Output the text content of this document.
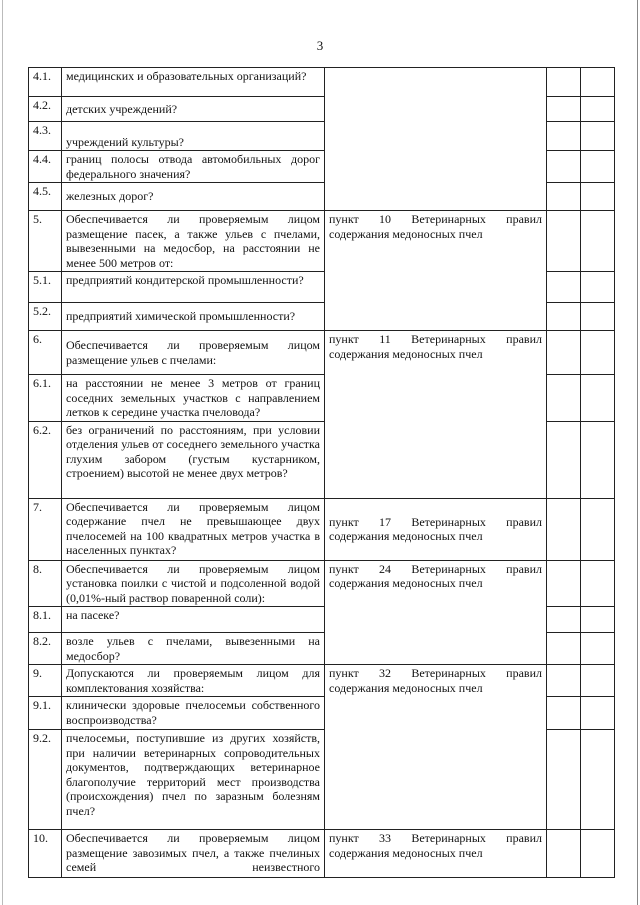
3
4.1.	медицинских и образовательных организаций?			
4.2.	детских учреждений?			
4.3.	учреждений культуры?			
4.4.	границ полосы отвода автомобильных дорог федерального значения?			
4.5.	железных дорог?			
5.	Обеспечивается ли проверяемым лицом размещение пасек, а также ульев с пчелами, вывезенными на медосбор, на расстоянии не менее 500 метров от:	пункт 10 Ветеринарных правил
содержания медоносных пчел		
5.1.	предприятий кондитерской промышленности?			
5.2.	предприятий химической промышленности?			
6.	Обеспечивается ли проверяемым лицом размещение ульев с пчелами:	пункт 11 Ветеринарных правил
содержания медоносных пчел		
6.1.	на расстоянии не менее 3 метров от границ соседних земельных участков с направлением летков к середине участка пчеловода?			
6.2.	без ограничений по расстояниям, при условии отделения ульев от соседнего земельного участка глухим забором (густым кустарником, строением) высотой не менее двух метров?			
7.	Обеспечивается ли проверяемым лицом содержание пчел не превышающее двух пчелосемей на 100 квадратных метров участка в населенных пунктах?	пункт 17 Ветеринарных правил
содержания медоносных пчел		
8.	Обеспечивается ли проверяемым лицом установка поилки с чистой и подсоленной водой (0,01%-ный раствор поваренной соли):	пункт 24 Ветеринарных правил
содержания медоносных пчел		
8.1.	на пасеке?			
8.2.	возле ульев с пчелами, вывезенными на медосбор?			
9.	Допускаются ли проверяемым лицом для комплектования хозяйства:	пункт 32 Ветеринарных правил
содержания медоносных пчел		
9.1.	клинически здоровые пчелосемьи собственного воспроизводства?			
9.2.	пчелосемьи, поступившие из других хозяйств, при наличии ветеринарных сопроводительных документов, подтверждающих ветеринарное благополучие территорий мест производства (происхождения) пчел по заразным болезням пчел?			
10.	Обеспечивается ли проверяемым лицом размещение завозимых пчел, а также пчелиных семей неизвестного	пункт 33 Ветеринарных правил
содержания медоносных пчел		
